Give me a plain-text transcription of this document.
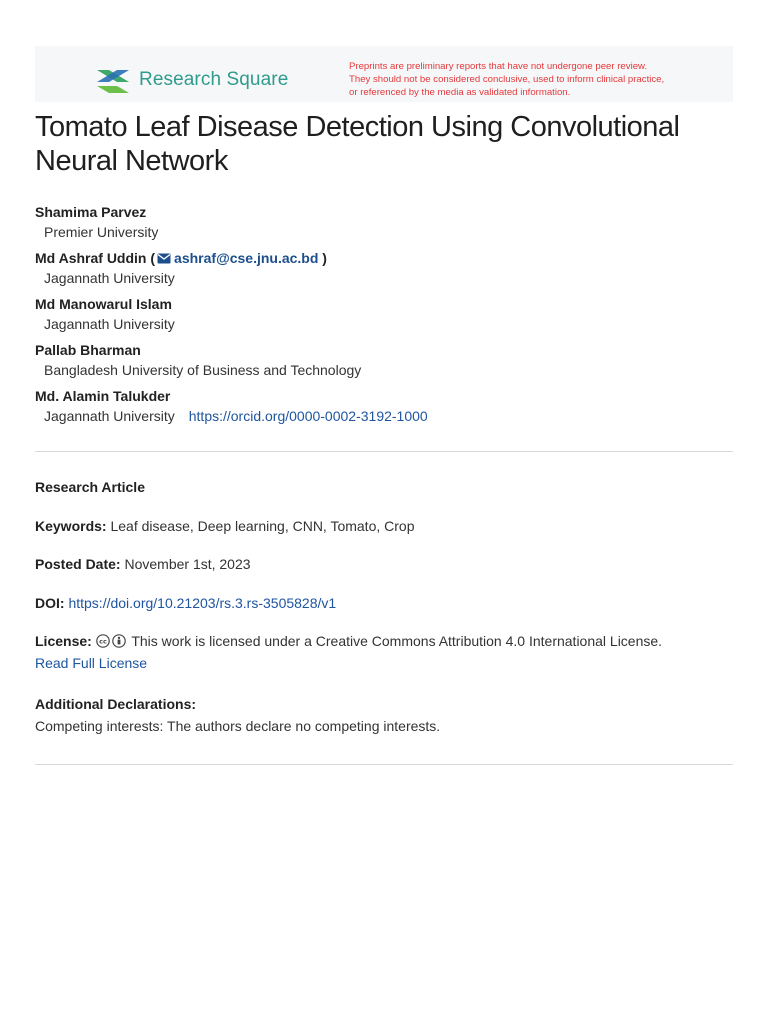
Research Square
Preprints are preliminary reports that have not undergone peer review.
They should not be considered conclusive, used to inform clinical practice,
or referenced by the media as validated information.
Tomato Leaf Disease Detection Using Convolutional Neural Network
Shamima Parvez
Premier University
Md Ashraf Uddin ( ashraf@cse.jnu.ac.bd )
Jagannath University
Md Manowarul Islam
Jagannath University
Pallab Bharman
Bangladesh University of Business and Technology
Md. Alamin Talukder
Jagannath University https://orcid.org/0000-0002-3192-1000
Research Article
Keywords: Leaf disease, Deep learning, CNN, Tomato, Crop
Posted Date: November 1st, 2023
DOI: https://doi.org/10.21203/rs.3.rs-3505828/v1
License: cc This work is licensed under a Creative Commons Attribution 4.0 International License.
Read Full License
Additional Declarations:
Competing interests: The authors declare no competing interests.
